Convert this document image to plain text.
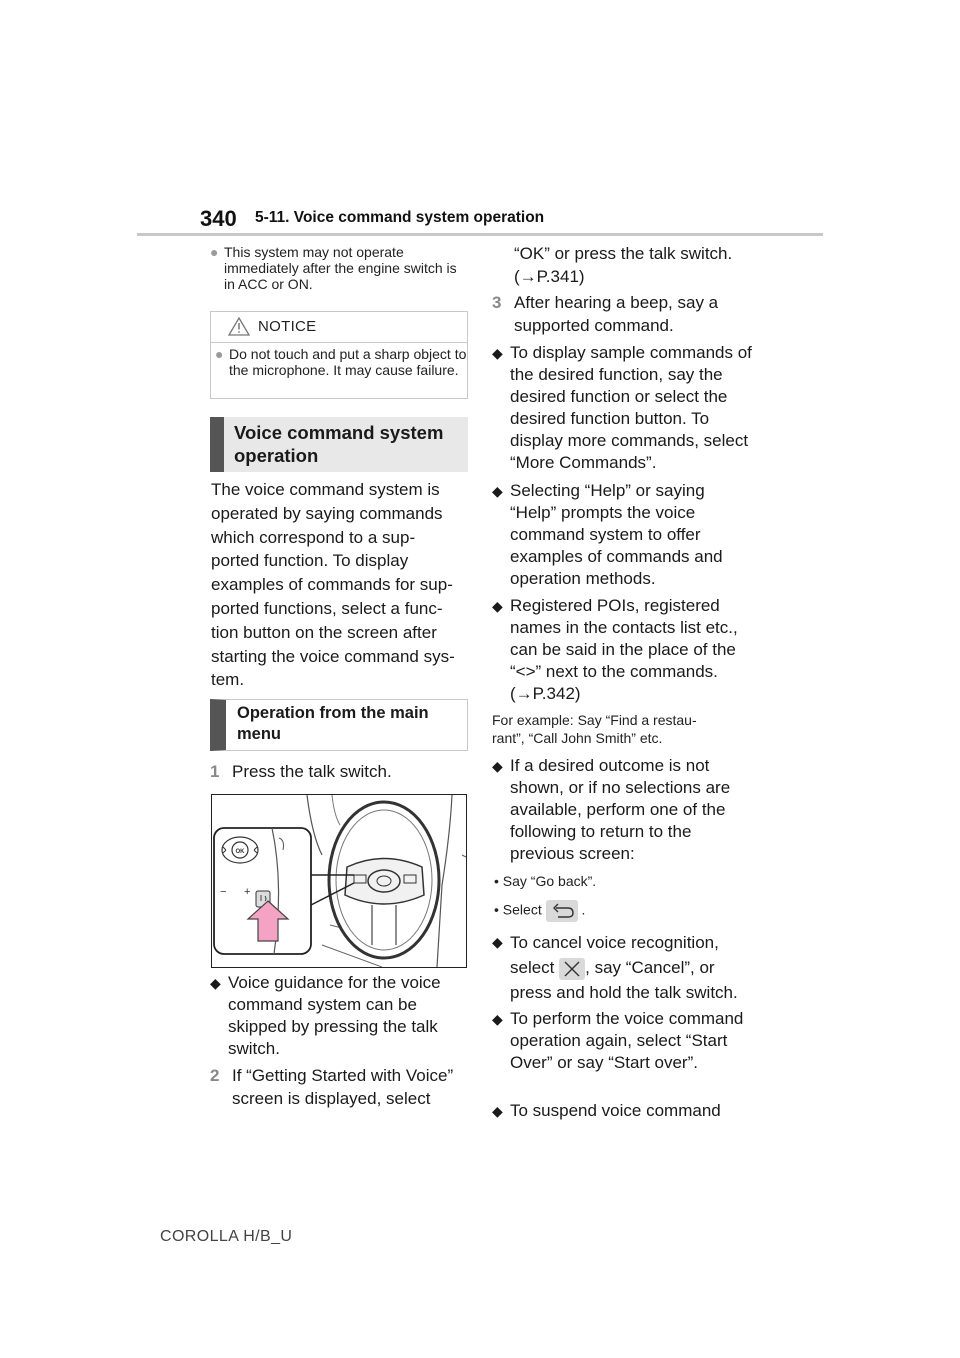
340 5-11. Voice command system operation
● This system may not operate immediately after the engine switch is in ACC or ON.
NOTICE
● Do not touch and put a sharp object to the microphone. It may cause failure.
Voice command system
operation
The voice command system is
operated by saying commands
which correspond to a sup-
ported function. To display
examples of commands for sup-
ported functions, select a func-
tion button on the screen after
starting the voice command sys-
tem.
Operation from the main
menu
1 Press the talk switch.
OK
− +
◆ Voice guidance for the voice command system can be skipped by pressing the talk switch.
2 If “Getting Started with Voice” screen is displayed, select
“OK” or press the talk switch.
(→P.341)
3 After hearing a beep, say a supported command.
◆ To display sample commands of the desired function, say the desired function or select the desired function button. To display more commands, select “More Commands”.
◆ Selecting “Help” or saying “Help” prompts the voice command system to offer examples of commands and operation methods.
◆ Registered POIs, registered names in the contacts list etc., can be said in the place of the “<>” next to the commands.
(→P.342)
For example: Say “Find a restau-
rant”, “Call John Smith” etc.
◆ If a desired outcome is not shown, or if no selections are available, perform one of the following to return to the previous screen:
• Say “Go back”.
• Select	.
◆ To cancel voice recognition,
select , say “Cancel”, or
press and hold the talk switch.
◆ To perform the voice command operation again, select “Start Over” or say “Start over”.
◆ To suspend voice command
COROLLA H/B_U
